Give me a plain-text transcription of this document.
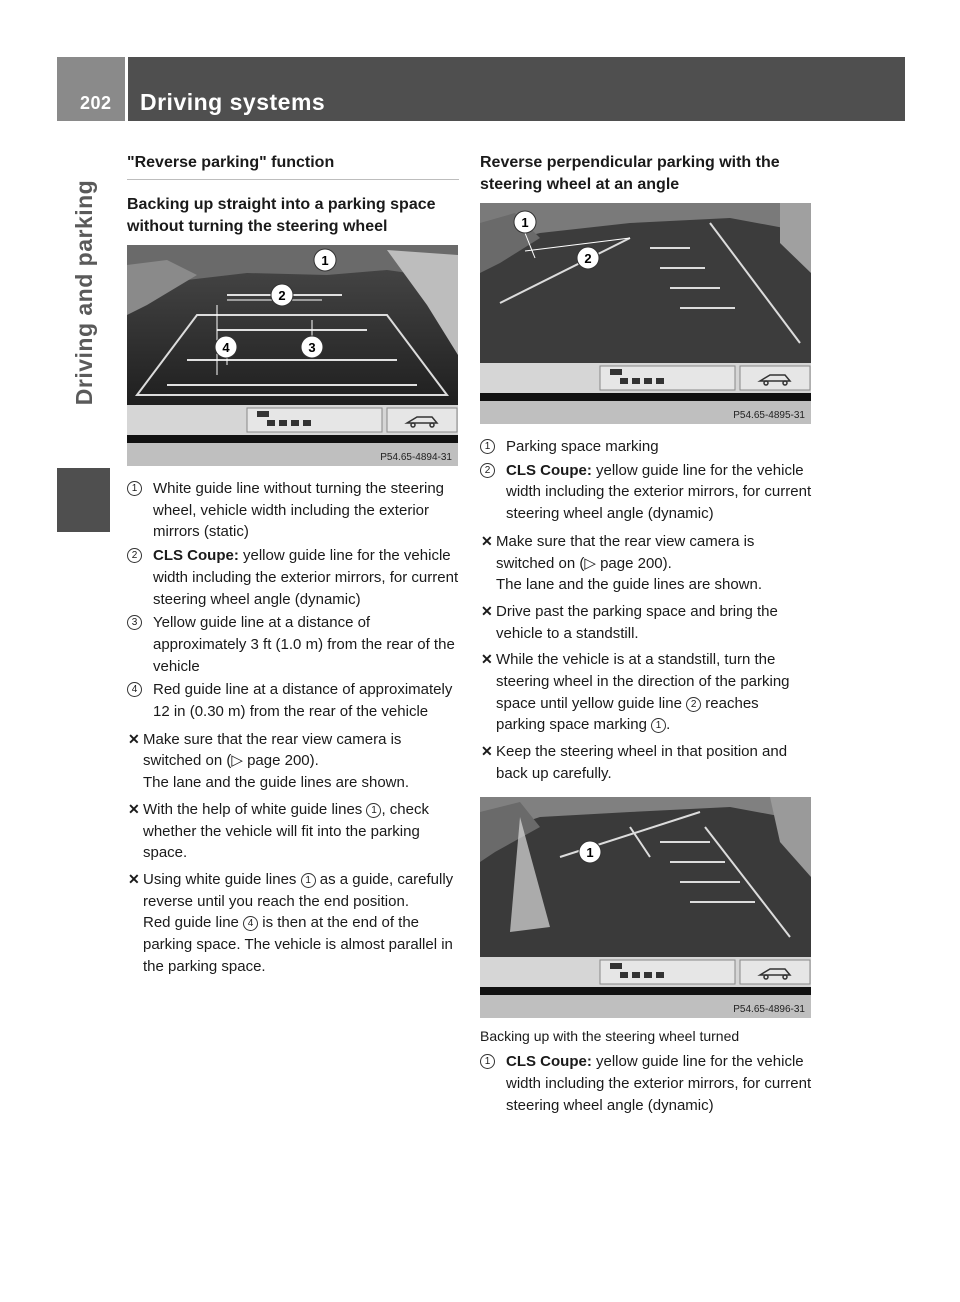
202 Driving systems
Driving and parking
"Reverse parking" function
Backing up straight into a parking space without turning the steering wheel
1
2
3
4
P54.65-4894-31
1	White guide line without turning the steering wheel, vehicle width including the exterior mirrors (static)
2	CLS Coupe: yellow guide line for the vehicle width including the exterior mirrors, for current steering wheel angle (dynamic)
3	Yellow guide line at a distance of approximately 3 ft (1.0 m) from the rear of the vehicle
4	Red guide line at a distance of approximately 12 in (0.30 m) from the rear of the vehicle
✕ Make sure that the rear view camera is switched on (▷ page 200).
The lane and the guide lines are shown.
✕ With the help of white guide lines 1 , check whether the vehicle will fit into the parking space.
✕ Using white guide lines 1 as a guide, carefully reverse until you reach the end position.
Red guide line 4 is then at the end of the parking space. The vehicle is almost parallel in the parking space.
Reverse perpendicular parking with the steering wheel at an angle
1
2
P54.65-4895-31
1	Parking space marking
2	CLS Coupe: yellow guide line for the vehicle width including the exterior mirrors, for current steering wheel angle (dynamic)
✕ Make sure that the rear view camera is switched on (▷ page 200).
The lane and the guide lines are shown.
✕ Drive past the parking space and bring the vehicle to a standstill.
✕ While the vehicle is at a standstill, turn the steering wheel in the direction of the parking space until yellow guide line 2 reaches parking space marking 1 .
✕ Keep the steering wheel in that position and back up carefully.
1
P54.65-4896-31
Backing up with the steering wheel turned
1	CLS Coupe: yellow guide line for the vehicle width including the exterior mirrors, for current steering wheel angle (dynamic)
